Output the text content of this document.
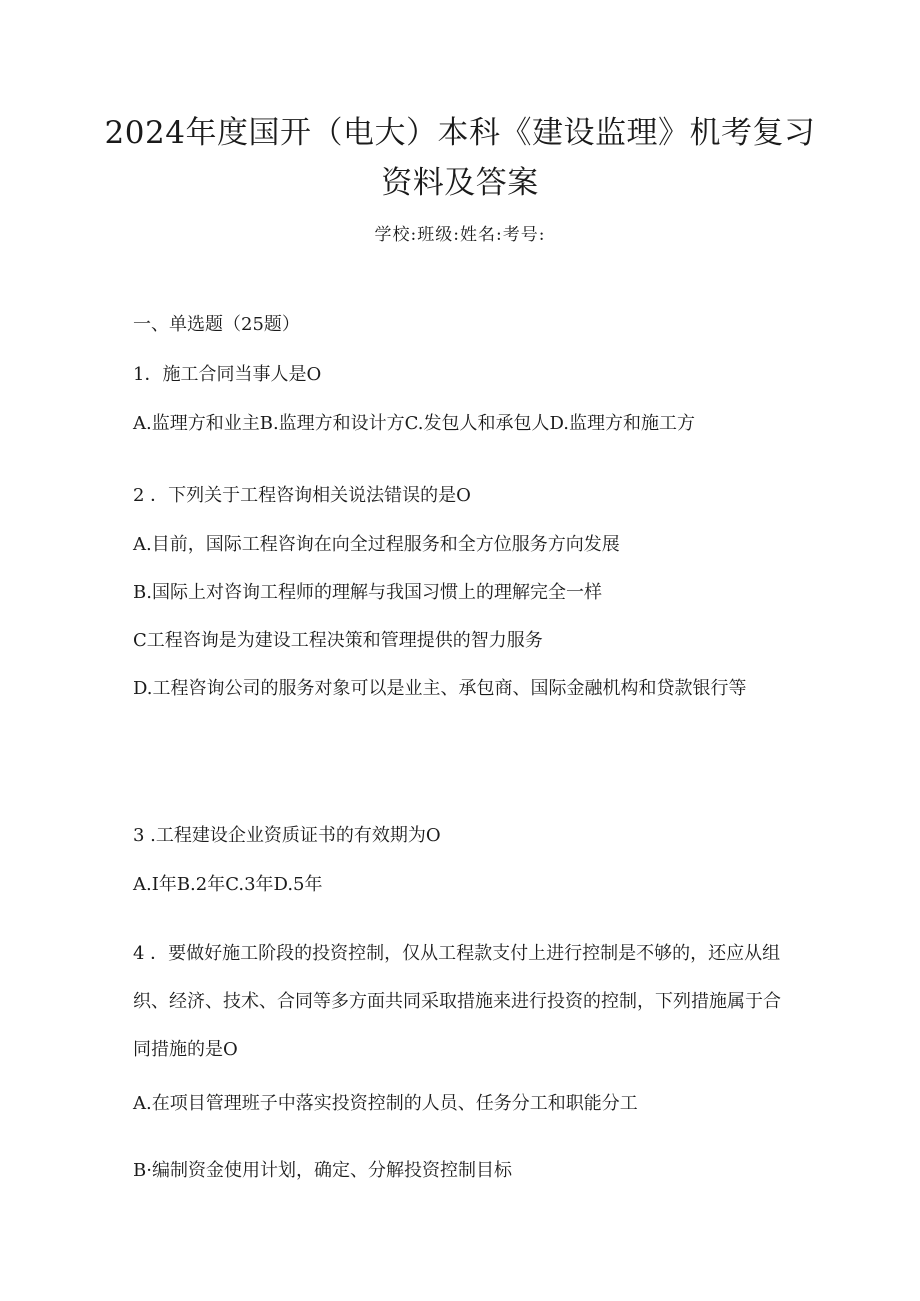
2024年度国开（电大）本科《建设监理》机考复习资料及答案
学校:班级:姓名:考号:
一、单选题（25题）
1．施工合同当事人是O
A.监理方和业主B.监理方和设计方C.发包人和承包人D.监理方和施工方
2 ．下列关于工程咨询相关说法错误的是O
A.目前，国际工程咨询在向全过程服务和全方位服务方向发展
B.国际上对咨询工程师的理解与我国习惯上的理解完全一样
C工程咨询是为建设工程决策和管理提供的智力服务
D.工程咨询公司的服务对象可以是业主、承包商、国际金融机构和贷款银行等
3 .工程建设企业资质证书的有效期为O
A.I年B.2年C.3年D.5年
4 ．要做好施工阶段的投资控制，仅从工程款支付上进行控制是不够的，还应从组织、经济、技术、合同等多方面共同采取措施来进行投资的控制，下列措施属于合同措施的是O
A.在项目管理班子中落实投资控制的人员、任务分工和职能分工
B·编制资金使用计划，确定、分解投资控制目标
